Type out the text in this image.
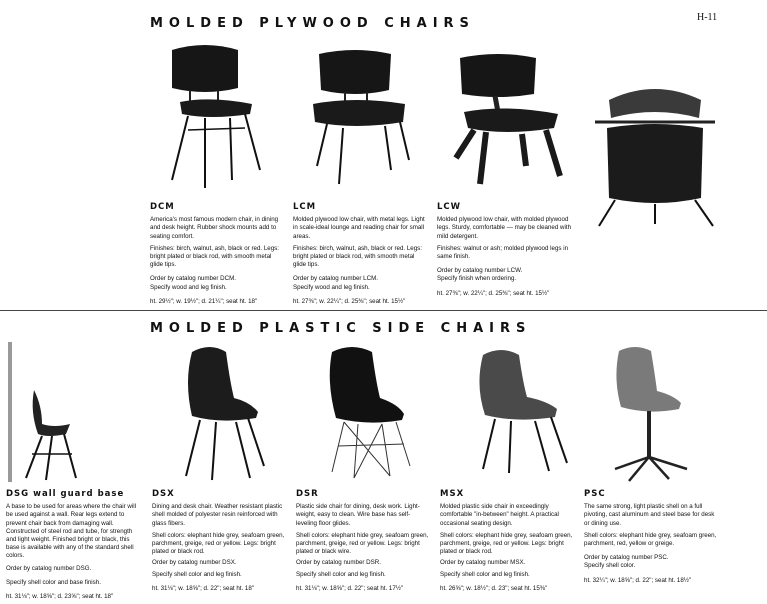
H-11
MOLDED PLYWOOD CHAIRS

DCM

America's most famous modern chair, in dining and desk height. Rubber shock mounts add to seating comfort.

Finishes: birch, walnut, ash, black or red. Legs: bright plated or black rod, with smooth metal glide tips.

Order by catalog number DCM.

Specify wood and leg finish.

ht. 29½"; w. 19½"; d. 21¼"; seat ht. 18"

LCM

Molded plywood low chair, with metal legs. Light in scale-ideal lounge and reading chair for small areas.

Finishes: birch, walnut, ash, black or red. Legs: bright plated or black rod, with smooth metal glide tips.

Order by catalog number LCM.

Specify wood and leg finish.

ht. 27⅜"; w. 22¼"; d. 25⅜"; seat ht. 15½"

LCW

Molded plywood low chair, with molded plywood legs. Sturdy, comfortable — may be cleaned with mild detergent.

Finishes: walnut or ash; molded plywood legs in same finish.

Order by catalog number LCW.

Specify finish when ordering.

ht. 27⅜"; w. 22¼"; d. 25⅜"; seat ht. 15½"

MOLDED PLASTIC SIDE CHAIRS

DSG wall guard base

A base to be used for areas where the chair will be used against a wall. Rear legs extend to prevent chair back from damaging wall. Constructed of steel rod and tube, for strength and light weight. Finished bright or black, this base is available with any of the standard shell colors.

Order by catalog number DSG.

Specify shell color and base finish.

ht. 31⅛"; w. 18⅝"; d. 23⅝"; seat ht. 18"

DSX

Dining and desk chair. Weather resistant plastic shell molded of polyester resin reinforced with glass fibers.

Shell colors: elephant hide grey, seafoam green, parchment, greige, red or yellow. Legs: bright plated or black rod.

Order by catalog number DSX.

Specify shell color and leg finish.

ht. 31⅛"; w. 18⅝"; d. 22"; seat ht. 18"

DSR

Plastic side chair for dining, desk work. Light-weight, easy to clean. Wire base has self-leveling floor glides.

Shell colors: elephant hide grey, seafoam green, parchment, greige, red or yellow. Legs: bright plated or black wire.

Order by catalog number DSR.

Specify shell color and leg finish.

ht. 31⅛"; w. 18⅝"; d. 22"; seat ht. 17½"

MSX

Molded plastic side chair in exceedingly comfortable "in-between" height. A practical occasional seating design.

Shell colors: elephant hide grey, seafoam green, parchment, greige, red or yellow. Legs: bright plated or black rod.

Order by catalog number MSX.

Specify shell color and leg finish.

ht. 26⅝"; w. 18½"; d. 23"; seat ht. 15⅜"

PSC

The same strong, light plastic shell on a full pivoting, cast aluminum and steel base for desk or dining use.

Shell colors: elephant hide grey, seafoam green, parchment, red, yellow or greige.

Order by catalog number PSC.

Specify shell color.

ht. 32¼"; w. 18⅝"; d. 22"; seat ht. 18½"
